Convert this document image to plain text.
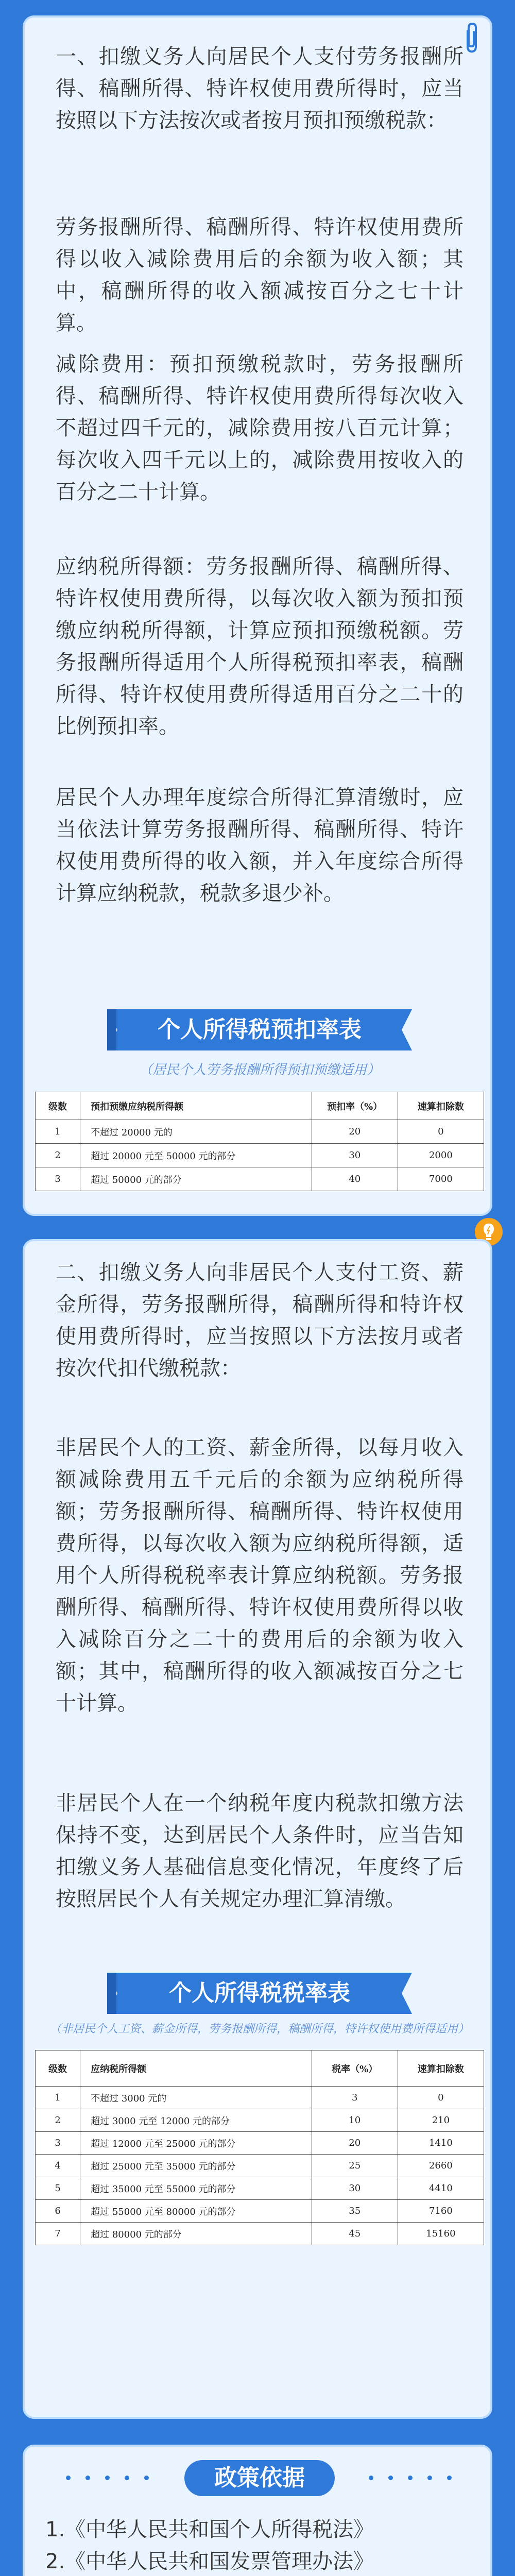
一、扣缴义务人向居民个人支付劳务报酬所得、稿酬所得、特许权使用费所得时，应当按照以下方法按次或者按月预扣预缴税款：

劳务报酬所得、稿酬所得、特许权使用费所得以收入减除费用后的余额为收入额；其中，稿酬所得的收入额减按百分之七十计算。

减除费用：预扣预缴税款时，劳务报酬所得、稿酬所得、特许权使用费所得每次收入不超过四千元的，减除费用按八百元计算；每次收入四千元以上的，减除费用按收入的百分之二十计算。

应纳税所得额：劳务报酬所得、稿酬所得、特许权使用费所得，以每次收入额为预扣预缴应纳税所得额，计算应预扣预缴税额。劳务报酬所得适用个人所得税预扣率表，稿酬所得、特许权使用费所得适用百分之二十的比例预扣率。

居民个人办理年度综合所得汇算清缴时，应当依法计算劳务报酬所得、稿酬所得、特许权使用费所得的收入额，并入年度综合所得计算应纳税款，税款多退少补。

个人所得税预扣率表
（居民个人劳务报酬所得预扣预缴适用）
级数	预扣预缴应纳税所得额	预扣率（%）	速算扣除数
1	不超过 20000 元的	20	0
2	超过 20000 元至 50000 元的部分	30	2000
3	超过 50000 元的部分	40	7000

二、扣缴义务人向非居民个人支付工资、薪金所得，劳务报酬所得，稿酬所得和特许权使用费所得时，应当按照以下方法按月或者按次代扣代缴税款：

非居民个人的工资、薪金所得，以每月收入额减除费用五千元后的余额为应纳税所得额；劳务报酬所得、稿酬所得、特许权使用费所得，以每次收入额为应纳税所得额，适用个人所得税税率表计算应纳税额。劳务报酬所得、稿酬所得、特许权使用费所得以收入减除百分之二十的费用后的余额为收入额；其中，稿酬所得的收入额减按百分之七十计算。

非居民个人在一个纳税年度内税款扣缴方法保持不变，达到居民个人条件时，应当告知扣缴义务人基础信息变化情况，年度终了后按照居民个人有关规定办理汇算清缴。

个人所得税税率表
（非居民个人工资、薪金所得，劳务报酬所得，稿酬所得，特许权使用费所得适用）
级数	应纳税所得额	税率（%）	速算扣除数
1	不超过 3000 元的	3	0
2	超过 3000 元至 12000 元的部分	10	210
3	超过 12000 元至 25000 元的部分	20	1410
4	超过 25000 元至 35000 元的部分	25	2660
5	超过 35000 元至 55000 元的部分	30	4410
6	超过 55000 元至 80000 元的部分	35	7160
7	超过 80000 元的部分	45	15160
政策依据

1.《中华人民共和国个人所得税法》

2.《中华人民共和国发票管理办法》
